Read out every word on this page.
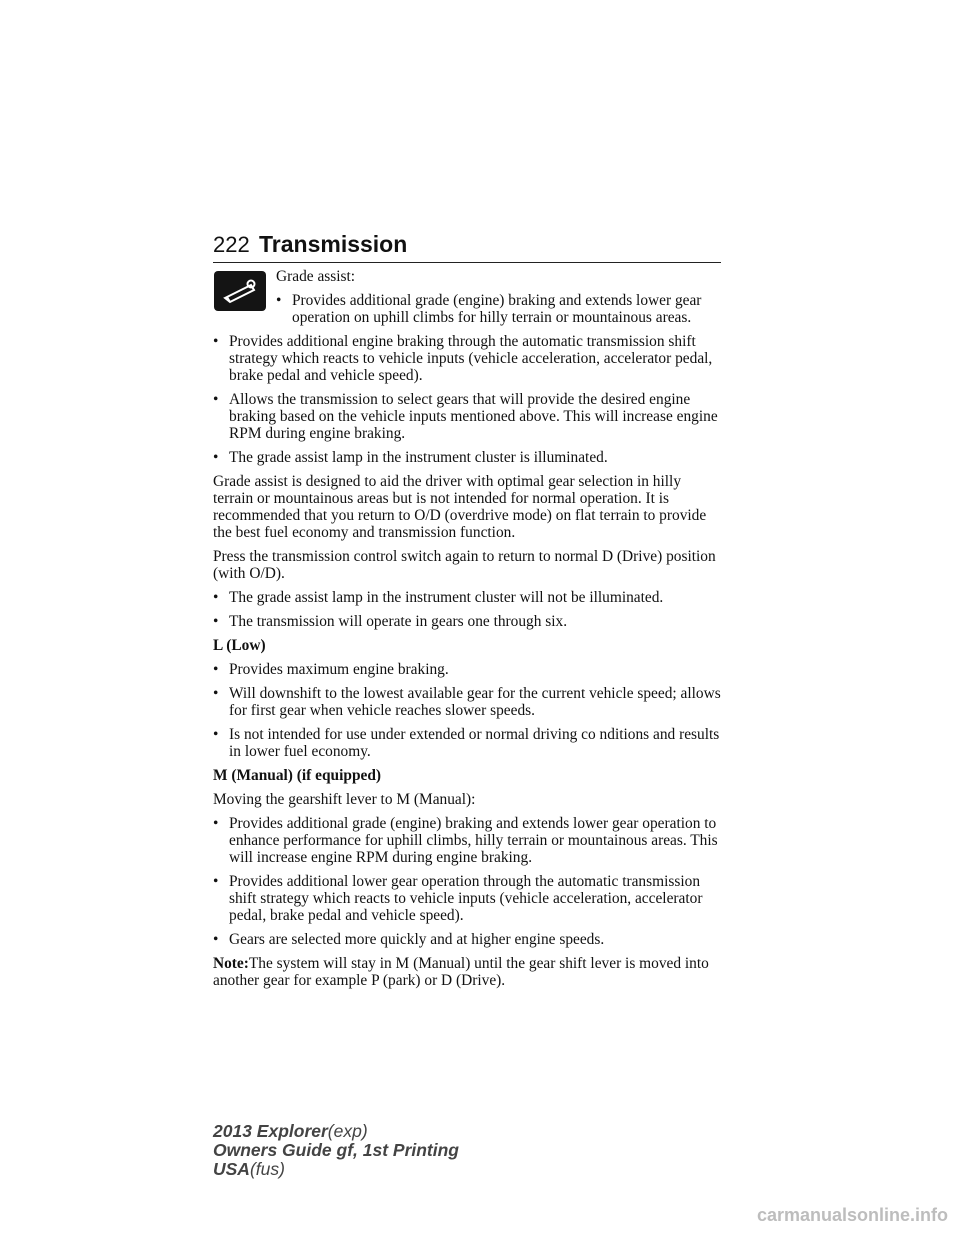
222 Transmission

Grade assist:

• Provides additional grade (engine) braking and extends lower gear operation on uphill climbs for hilly terrain or mountainous areas.
• Provides additional engine braking through the automatic transmission shift strategy which reacts to vehicle inputs (vehicle acceleration, accelerator pedal, brake pedal and vehicle speed).
• Allows the transmission to select gears that will provide the desired engine braking based on the vehicle inputs mentioned above. This will increase engine RPM during engine braking.
• The grade assist lamp in the instrument cluster is illuminated.

Grade assist is designed to aid the driver with optimal gear selection in hilly terrain or mountainous areas but is not intended for normal operation. It is recommended that you return to O/D (overdrive mode) on flat terrain to provide the best fuel economy and transmission function.

Press the transmission control switch again to return to normal D (Drive) position (with O/D).

• The grade assist lamp in the instrument cluster will not be illuminated.
• The transmission will operate in gears one through six.

L (Low)

• Provides maximum engine braking.
• Will downshift to the lowest available gear for the current vehicle speed; allows for first gear when vehicle reaches slower speeds.
• Is not intended for use under extended or normal driving co nditions and results in lower fuel economy.

M (Manual) (if equipped)

Moving the gearshift lever to M (Manual):

• Provides additional grade (engine) braking and extends lower gear operation to enhance performance for uphill climbs, hilly terrain or mountainous areas. This will increase engine RPM during engine braking.
• Provides additional lower gear operation through the automatic transmission shift strategy which reacts to vehicle inputs (vehicle acceleration, accelerator pedal, brake pedal and vehicle speed).
• Gears are selected more quickly and at higher engine speeds.

Note:The system will stay in M (Manual) until the gear shift lever is moved into another gear for example P (park) or D (Drive).

2013 Explorer(exp)
Owners Guide gf, 1st Printing
USA(fus)
carmanualsonline.info
